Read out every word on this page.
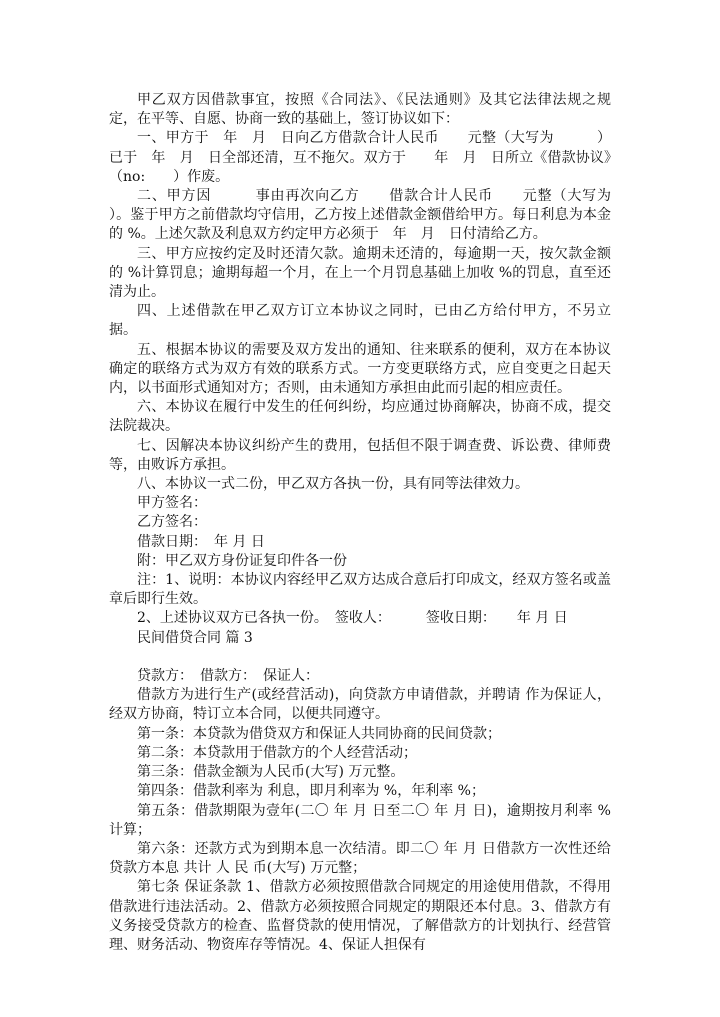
甲乙双方因借款事宜，按照《合同法》、《民法通则》及其它法律法规之规定，在平等、自愿、协商一致的基础上，签订协议如下：

一、甲方于　年　月　日向乙方借款合计人民币　　元整（大写为　　　）已于　年　月　日全部还清，互不拖欠。双方于　　年　月　日所立《借款协议》（no:　　）作废。

二、甲方因　　　事由再次向乙方　　借款合计人民币　　元整（大写为　　　）。鉴于甲方之前借款均守信用，乙方按上述借款金额借给甲方。每日利息为本金的 %。上述欠款及利息双方约定甲方必须于　年　月　日付清给乙方。

三、甲方应按约定及时还清欠款。逾期未还清的，每逾期一天，按欠款金额的 %计算罚息；逾期每超一个月，在上一个月罚息基础上加收 %的罚息，直至还清为止。

四、上述借款在甲乙双方订立本协议之同时，已由乙方给付甲方，不另立据。

五、根据本协议的需要及双方发出的通知、往来联系的便利，双方在本协议确定的联络方式为双方有效的联系方式。一方变更联络方式，应自变更之日起天内，以书面形式通知对方；否则，由未通知方承担由此而引起的相应责任。

六、本协议在履行中发生的任何纠纷，均应通过协商解决，协商不成，提交法院裁决。

七、因解决本协议纠纷产生的费用，包括但不限于调查费、诉讼费、律师费等，由败诉方承担。

八、本协议一式二份，甲乙双方各执一份，具有同等法律效力。

甲方签名：

乙方签名：

借款日期：　年 月 日

附：甲乙双方身份证复印件各一份

注：1、说明：本协议内容经甲乙双方达成合意后打印成文，经双方签名或盖章后即行生效。

2、上述协议双方已各执一份。　签收人：　　　签收日期：　　年 月 日

民间借贷合同 篇 3

贷款方：　借款方：　保证人：

借款方为进行生产(或经营活动)，向贷款方申请借款，并聘请 作为保证人，经双方协商，特订立本合同，以便共同遵守。

第一条：本贷款为借贷双方和保证人共同协商的民间贷款；

第二条：本贷款用于借款方的个人经营活动；

第三条：借款金额为人民币(大写) 万元整。

第四条：借款利率为 利息，即月利率为 %，年利率 %；

第五条：借款期限为壹年(二〇 年 月 日至二〇 年 月 日)，逾期按月利率 %计算；

第六条：还款方式为到期本息一次结清。即二〇 年 月 日借款方一次性还给贷款方本息 共计 人 民 币(大写) 万元整；

第七条 保证条款 1、借款方必须按照借款合同规定的用途使用借款，不得用借款进行违法活动。2、借款方必须按照合同规定的期限还本付息。3、借款方有义务接受贷款方的检查、监督贷款的使用情况，了解借款方的计划执行、经营管理、财务活动、物资库存等情况。4、保证人担保有
